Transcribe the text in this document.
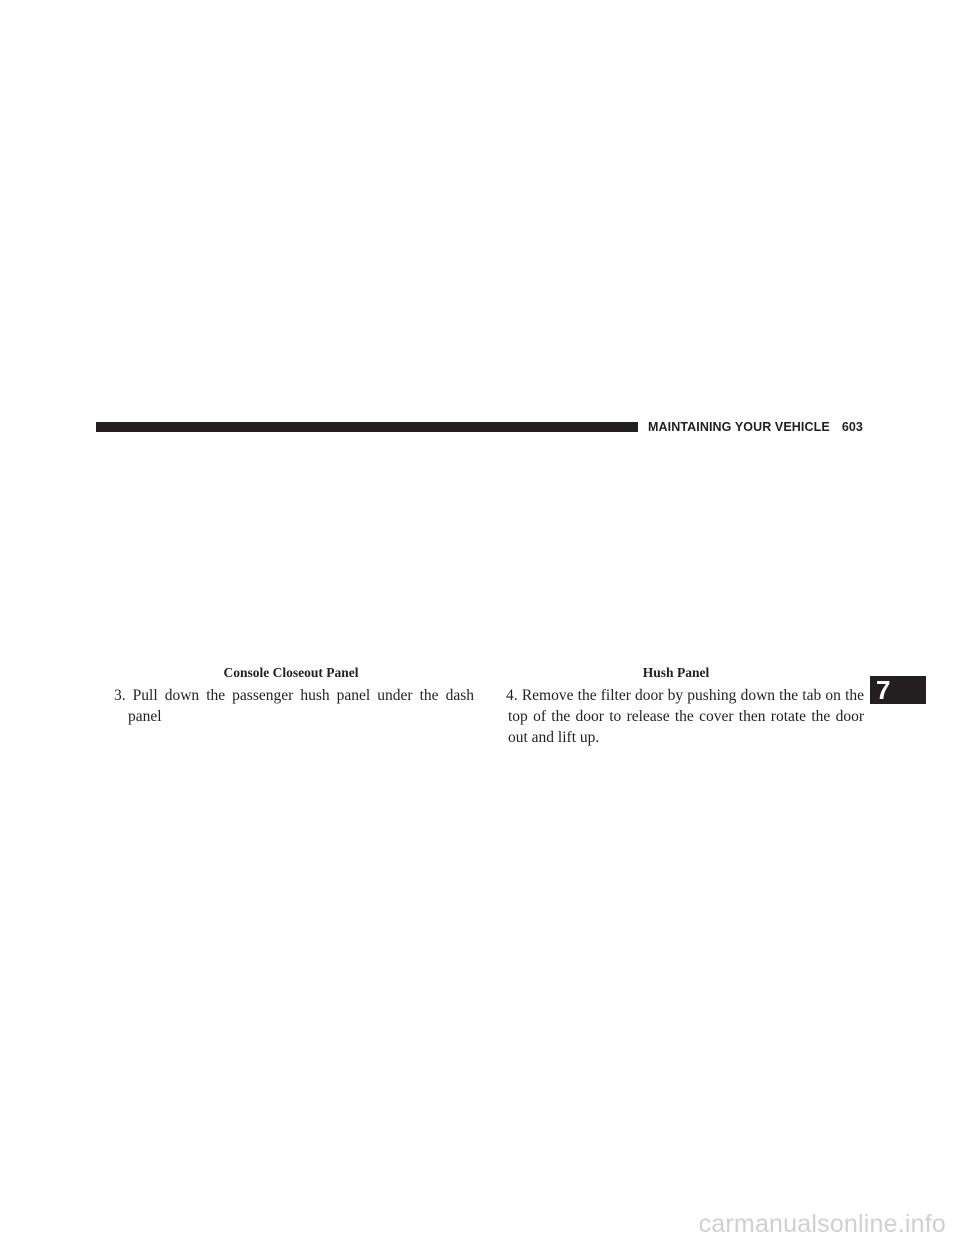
MAINTAINING YOUR VEHICLE 603
Console Closeout Panel	Hush Panel
3. Pull down the passenger hush panel under the dash panel
4. Remove the filter door by pushing down the tab on the top of the door to release the cover then rotate the door out and lift up.
7
carmanualsonline.info
